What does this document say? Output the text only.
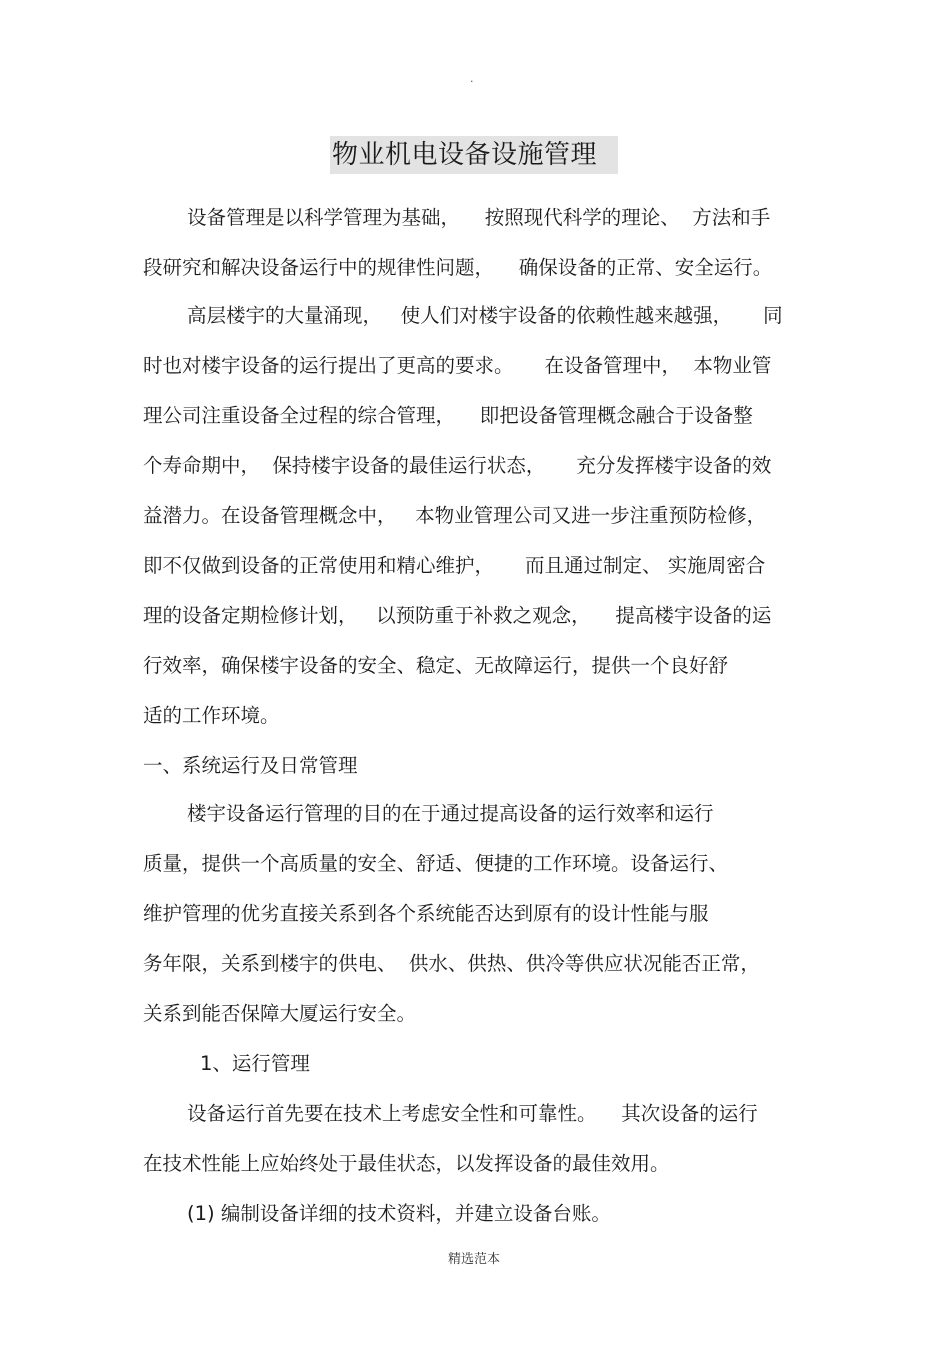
.
物业机电设备设施管理
设备管理是以科学管理为基础，    按照现代科学的理论、  方法和手
段研究和解决设备运行中的规律性问题，    确保设备的正常、安全运行。
高层楼宇的大量涌现，   使人们对楼宇设备的依赖性越来越强，     同
时也对楼宇设备的运行提出了更高的要求。     在设备管理中，  本物业管
理公司注重设备全过程的综合管理，    即把设备管理概念融合于设备整
个寿命期中，  保持楼宇设备的最佳运行状态，     充分发挥楼宇设备的效
益潜力。在设备管理概念中，   本物业管理公司又进一步注重预防检修，
即不仅做到设备的正常使用和精心维护，     而且通过制定、 实施周密合
理的设备定期检修计划，   以预防重于补救之观念，    提高楼宇设备的运
行效率，确保楼宇设备的安全、稳定、无故障运行，提供一个良好舒
适的工作环境。
一、系统运行及日常管理
楼宇设备运行管理的目的在于通过提高设备的运行效率和运行
质量，提供一个高质量的安全、舒适、便捷的工作环境。设备运行、
维护管理的优劣直接关系到各个系统能否达到原有的设计性能与服
务年限，关系到楼宇的供电、  供水、供热、供冷等供应状况能否正常，
关系到能否保障大厦运行安全。
1、运行管理
设备运行首先要在技术上考虑安全性和可靠性。    其次设备的运行
在技术性能上应始终处于最佳状态，以发挥设备的最佳效用。
(1) 编制设备详细的技术资料，并建立设备台账。
精选范本
